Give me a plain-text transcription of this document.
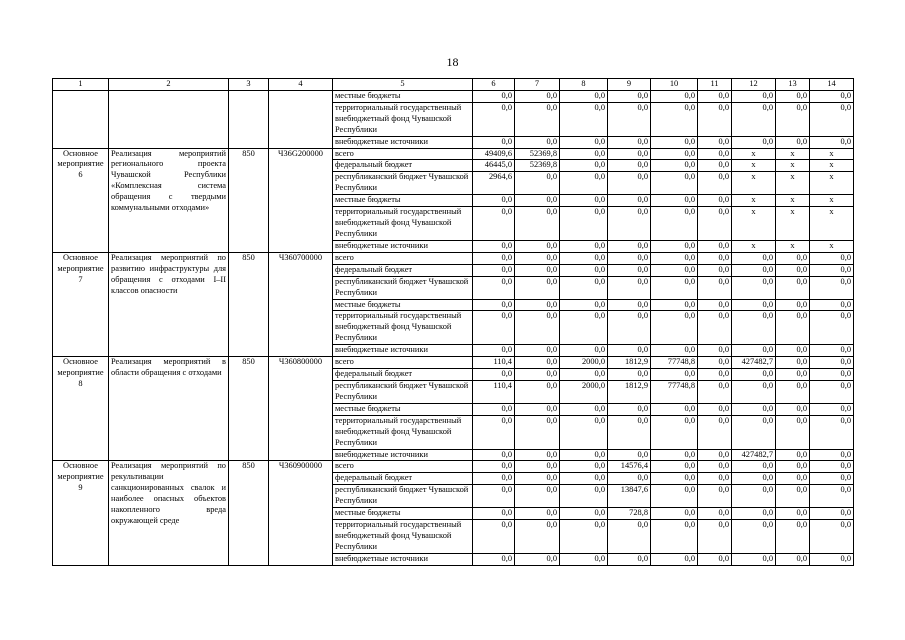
18
1	2	3	4	5	6	7	8	9	10	11	12	13	14
				местные бюджеты	0,0	0,0	0,0	0,0	0,0	0,0	0,0	0,0	0,0
				территориальный государственный внебюджетный фонд Чувашской Республики	0,0	0,0	0,0	0,0	0,0	0,0	0,0	0,0	0,0
				внебюджетные источники	0,0	0,0	0,0	0,0	0,0	0,0	0,0	0,0	0,0
Основное мероприятие 6	Реализация мероприятий регионального проекта Чувашской Республики «Комплексная система обращения с твердыми коммунальными отходами»	850	Ч36G200000	всего	49409,6	52369,8	0,0	0,0	0,0	0,0	x	x	x
				федеральный бюджет	46445,0	52369,8	0,0	0,0	0,0	0,0	x	x	x
				республиканский бюджет Чувашской Республики	2964,6	0,0	0,0	0,0	0,0	0,0	x	x	x
				местные бюджеты	0,0	0,0	0,0	0,0	0,0	0,0	x	x	x
				территориальный государственный внебюджетный фонд Чувашской Республики	0,0	0,0	0,0	0,0	0,0	0,0	x	x	x
				внебюджетные источники	0,0	0,0	0,0	0,0	0,0	0,0	x	x	x
Основное мероприятие 7	Реализация мероприятий по развитию инфраструктуры для обращения с отходами I–II классов опасности	850	Ч360700000	всего	0,0	0,0	0,0	0,0	0,0	0,0	0,0	0,0	0,0
				федеральный бюджет	0,0	0,0	0,0	0,0	0,0	0,0	0,0	0,0	0,0
				республиканский бюджет Чувашской Республики	0,0	0,0	0,0	0,0	0,0	0,0	0,0	0,0	0,0
				местные бюджеты	0,0	0,0	0,0	0,0	0,0	0,0	0,0	0,0	0,0
				территориальный государственный внебюджетный фонд Чувашской Республики	0,0	0,0	0,0	0,0	0,0	0,0	0,0	0,0	0,0
				внебюджетные источники	0,0	0,0	0,0	0,0	0,0	0,0	0,0	0,0	0,0
Основное мероприятие 8	Реализация мероприятий в области обращения с отходами	850	Ч360800000	всего	110,4	0,0	2000,0	1812,9	77748,8	0,0	427482,7	0,0	0,0
				федеральный бюджет	0,0	0,0	0,0	0,0	0,0	0,0	0,0	0,0	0,0
				республиканский бюджет Чувашской Республики	110,4	0,0	2000,0	1812,9	77748,8	0,0	0,0	0,0	0,0
				местные бюджеты	0,0	0,0	0,0	0,0	0,0	0,0	0,0	0,0	0,0
				территориальный государственный внебюджетный фонд Чувашской Республики	0,0	0,0	0,0	0,0	0,0	0,0	0,0	0,0	0,0
				внебюджетные источники	0,0	0,0	0,0	0,0	0,0	0,0	427482,7	0,0	0,0
Основное мероприятие 9	Реализация мероприятий по рекультивации санкционированных свалок и наиболее опасных объектов накопленного вреда окружающей среде	850	Ч360900000	всего	0,0	0,0	0,0	14576,4	0,0	0,0	0,0	0,0	0,0
				федеральный бюджет	0,0	0,0	0,0	0,0	0,0	0,0	0,0	0,0	0,0
				республиканский бюджет Чувашской Республики	0,0	0,0	0,0	13847,6	0,0	0,0	0,0	0,0	0,0
				местные бюджеты	0,0	0,0	0,0	728,8	0,0	0,0	0,0	0,0	0,0
				территориальный государственный внебюджетный фонд Чувашской Республики	0,0	0,0	0,0	0,0	0,0	0,0	0,0	0,0	0,0
				внебюджетные источники	0,0	0,0	0,0	0,0	0,0	0,0	0,0	0,0	0,0
